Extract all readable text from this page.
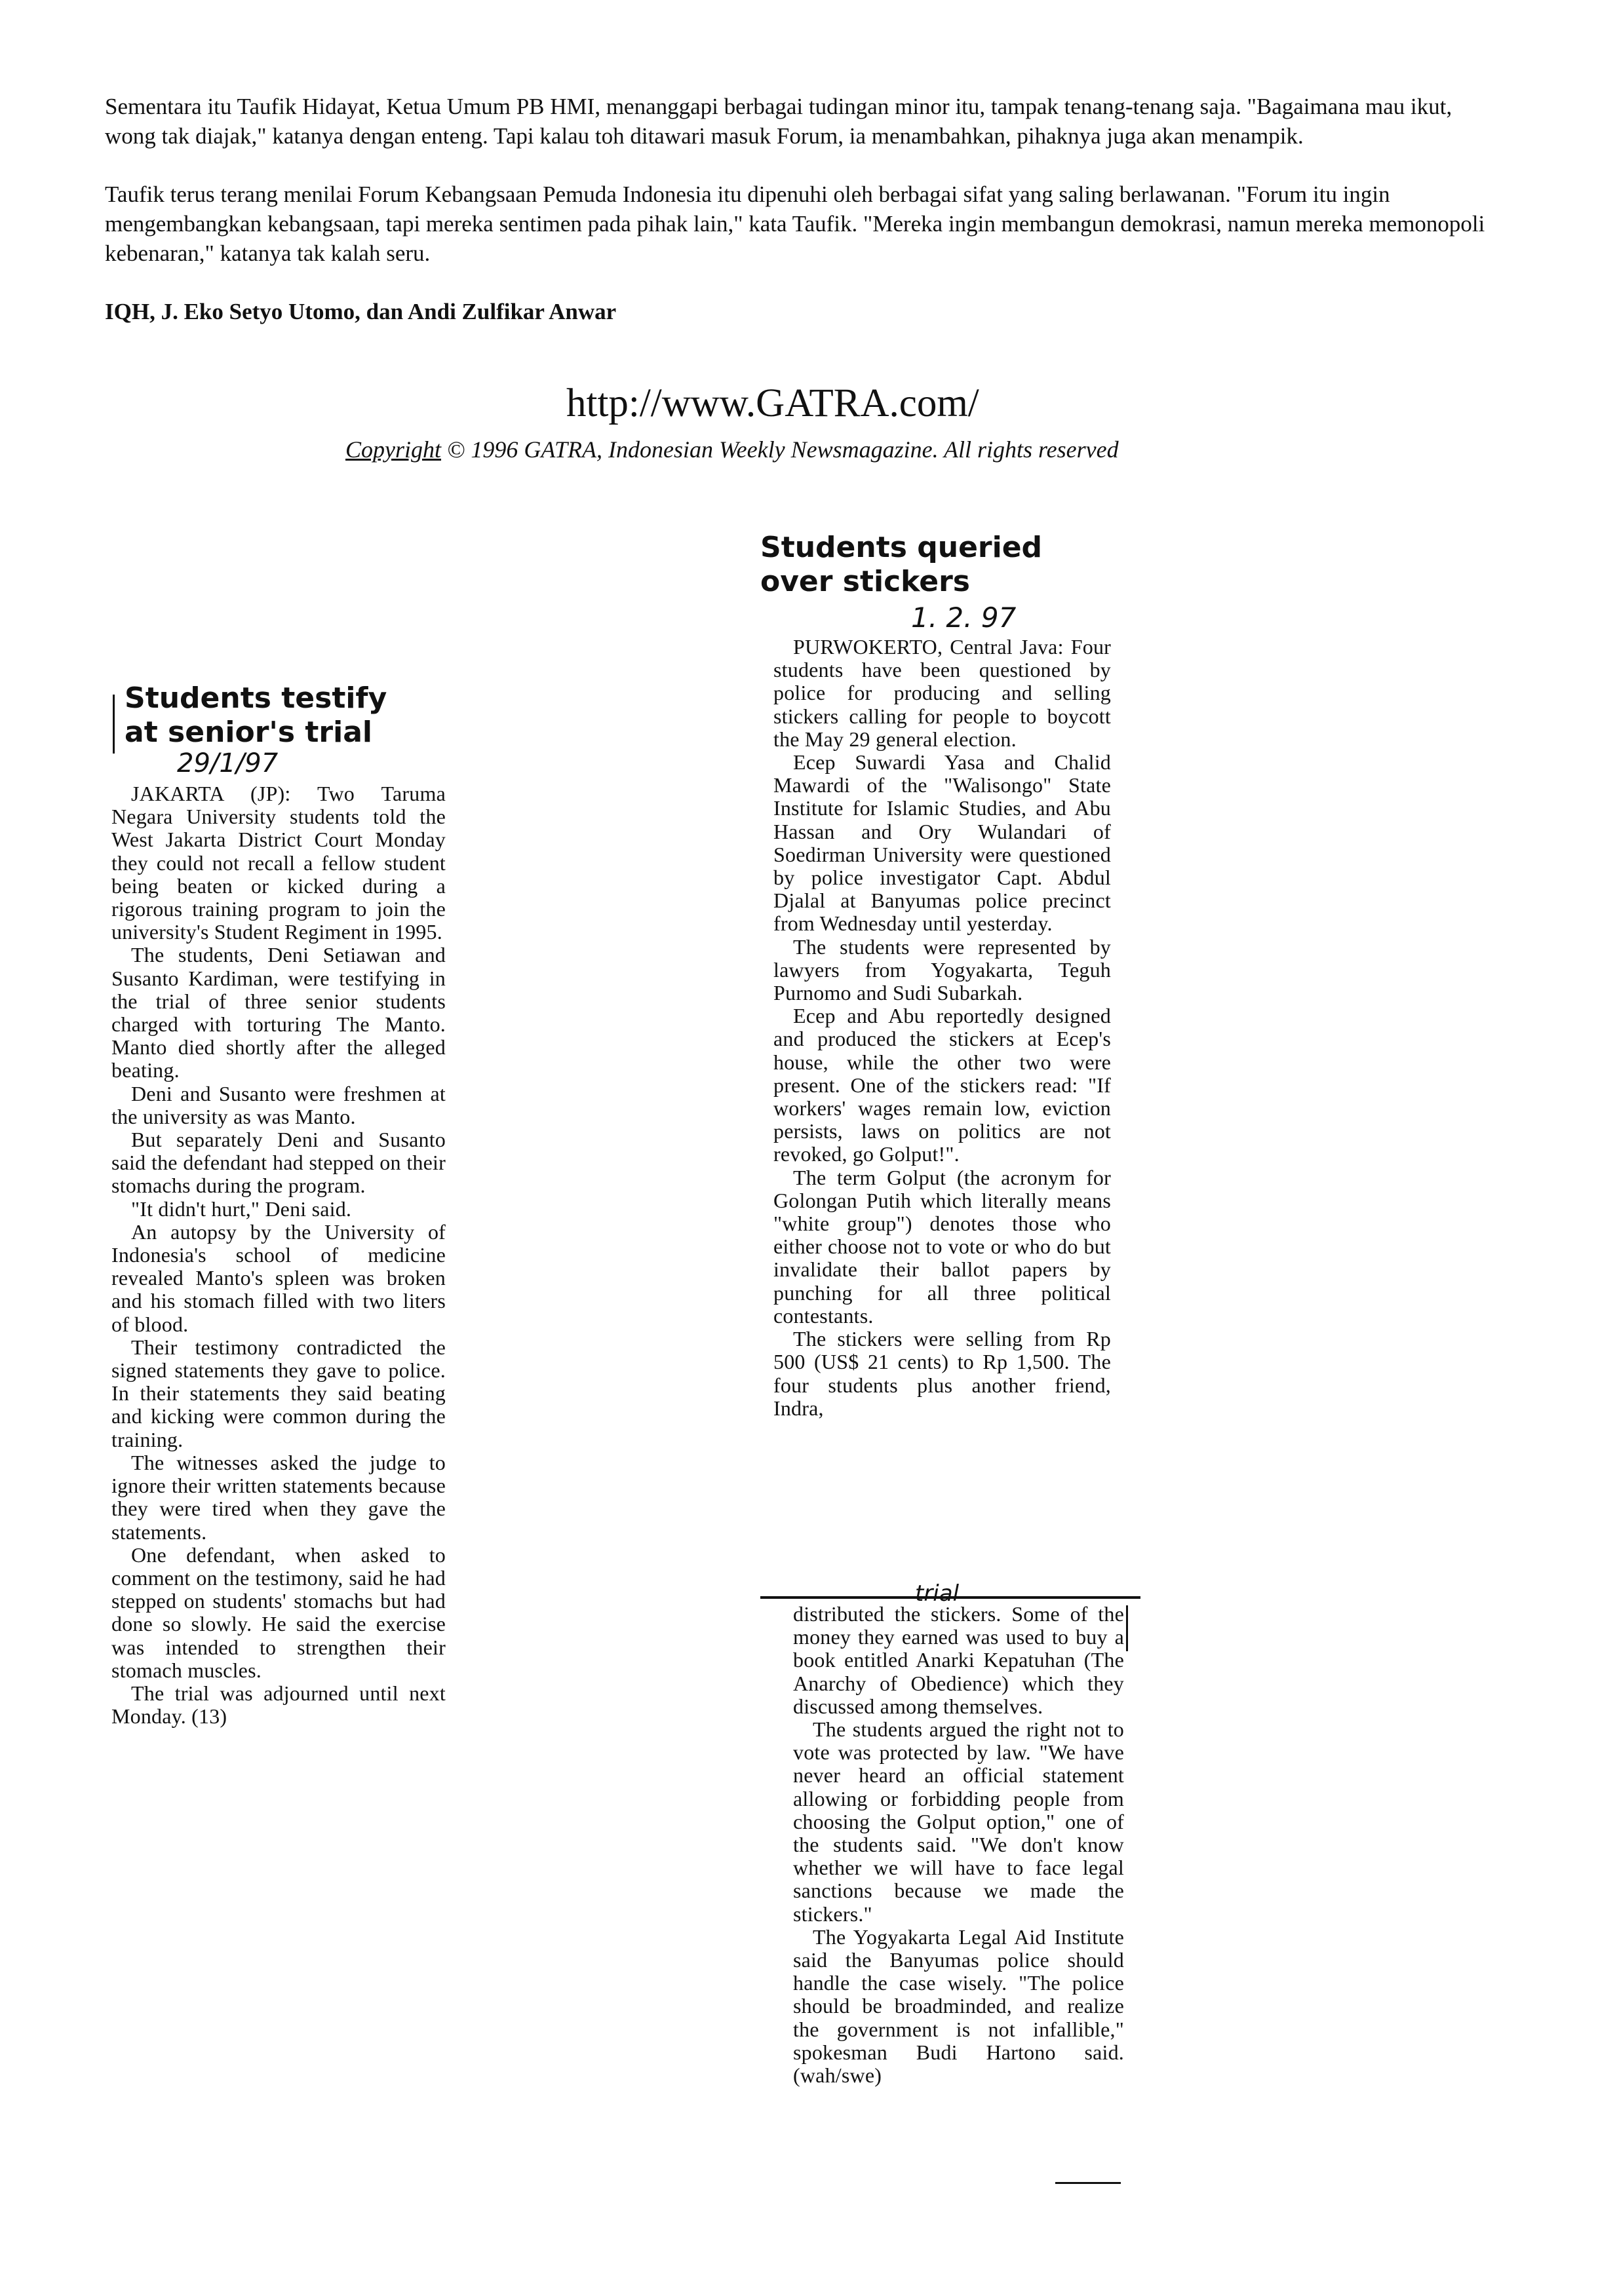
Sementara itu Taufik Hidayat, Ketua Umum PB HMI, menanggapi berbagai tudingan minor itu, tampak tenang-tenang saja. "Bagaimana mau ikut, wong tak diajak," katanya dengan enteng. Tapi kalau toh ditawari masuk Forum, ia menambahkan, pihaknya juga akan menampik.

Taufik terus terang menilai Forum Kebangsaan Pemuda Indonesia itu dipenuhi oleh berbagai sifat yang saling berlawanan. "Forum itu ingin mengembangkan kebangsaan, tapi mereka sentimen pada pihak lain," kata Taufik. "Mereka ingin membangun demokrasi, namun mereka memonopoli kebenaran," katanya tak kalah seru.

IQH, J. Eko Setyo Utomo, dan Andi Zulfikar Anwar

http://www.GATRA.com/
Copyright © 1996 GATRA, Indonesian Weekly Newsmagazine. All rights reserved
Students testify
at senior's trial
29/1/97

JAKARTA (JP): Two Taruma Negara University students told the West Jakarta District Court Monday they could not recall a fellow student being beaten or kicked during a rigorous training program to join the university's Student Regiment in 1995.

The students, Deni Setiawan and Susanto Kardiman, were testifying in the trial of three senior students charged with torturing The Manto. Manto died shortly after the alleged beating.

Deni and Susanto were freshmen at the university as was Manto.

But separately Deni and Susanto said the defendant had stepped on their stomachs during the program.

"It didn't hurt," Deni said.

An autopsy by the University of Indonesia's school of medicine revealed Manto's spleen was broken and his stomach filled with two liters of blood.

Their testimony contradicted the signed statements they gave to police. In their statements they said beating and kicking were common during the training.

The witnesses asked the judge to ignore their written statements because they were tired when they gave the statements.

One defendant, when asked to comment on the testimony, said he had stepped on students' stomachs but had done so slowly. He said the exercise was intended to strengthen their stomach muscles.

The trial was adjourned until next Monday. (13)

Students queried
over stickers
1. 2. 97

PURWOKERTO, Central Java: Four students have been questioned by police for producing and selling stickers calling for people to boycott the May 29 general election.

Ecep Suwardi Yasa and Chalid Mawardi of the "Walisongo" State Institute for Islamic Studies, and Abu Hassan and Ory Wulandari of Soedirman University were questioned by police investigator Capt. Abdul Djalal at Banyumas police precinct from Wednesday until yesterday.

The students were represented by lawyers from Yogyakarta, Teguh Purnomo and Sudi Subarkah.

Ecep and Abu reportedly designed and produced the stickers at Ecep's house, while the other two were present. One of the stickers read: "If workers' wages remain low, eviction persists, laws on politics are not revoked, go Golput!".

The term Golput (the acronym for Golongan Putih which literally means "white group") denotes those who either choose not to vote or who do but invalidate their ballot papers by punching for all three political contestants.

The stickers were selling from Rp 500 (US$ 21 cents) to Rp 1,500. The four students plus another friend, Indra,

trial

distributed the stickers. Some of the money they earned was used to buy a book entitled Anarki Kepatuhan (The Anarchy of Obedience) which they discussed among themselves.

The students argued the right not to vote was protected by law. "We have never heard an official statement allowing or forbidding people from choosing the Golput option," one of the students said. "We don't know whether we will have to face legal sanctions because we made the stickers."

The Yogyakarta Legal Aid Institute said the Banyumas police should handle the case wisely. "The police should be broadminded, and realize the government is not infallible," spokesman Budi Hartono said. (wah/swe)
